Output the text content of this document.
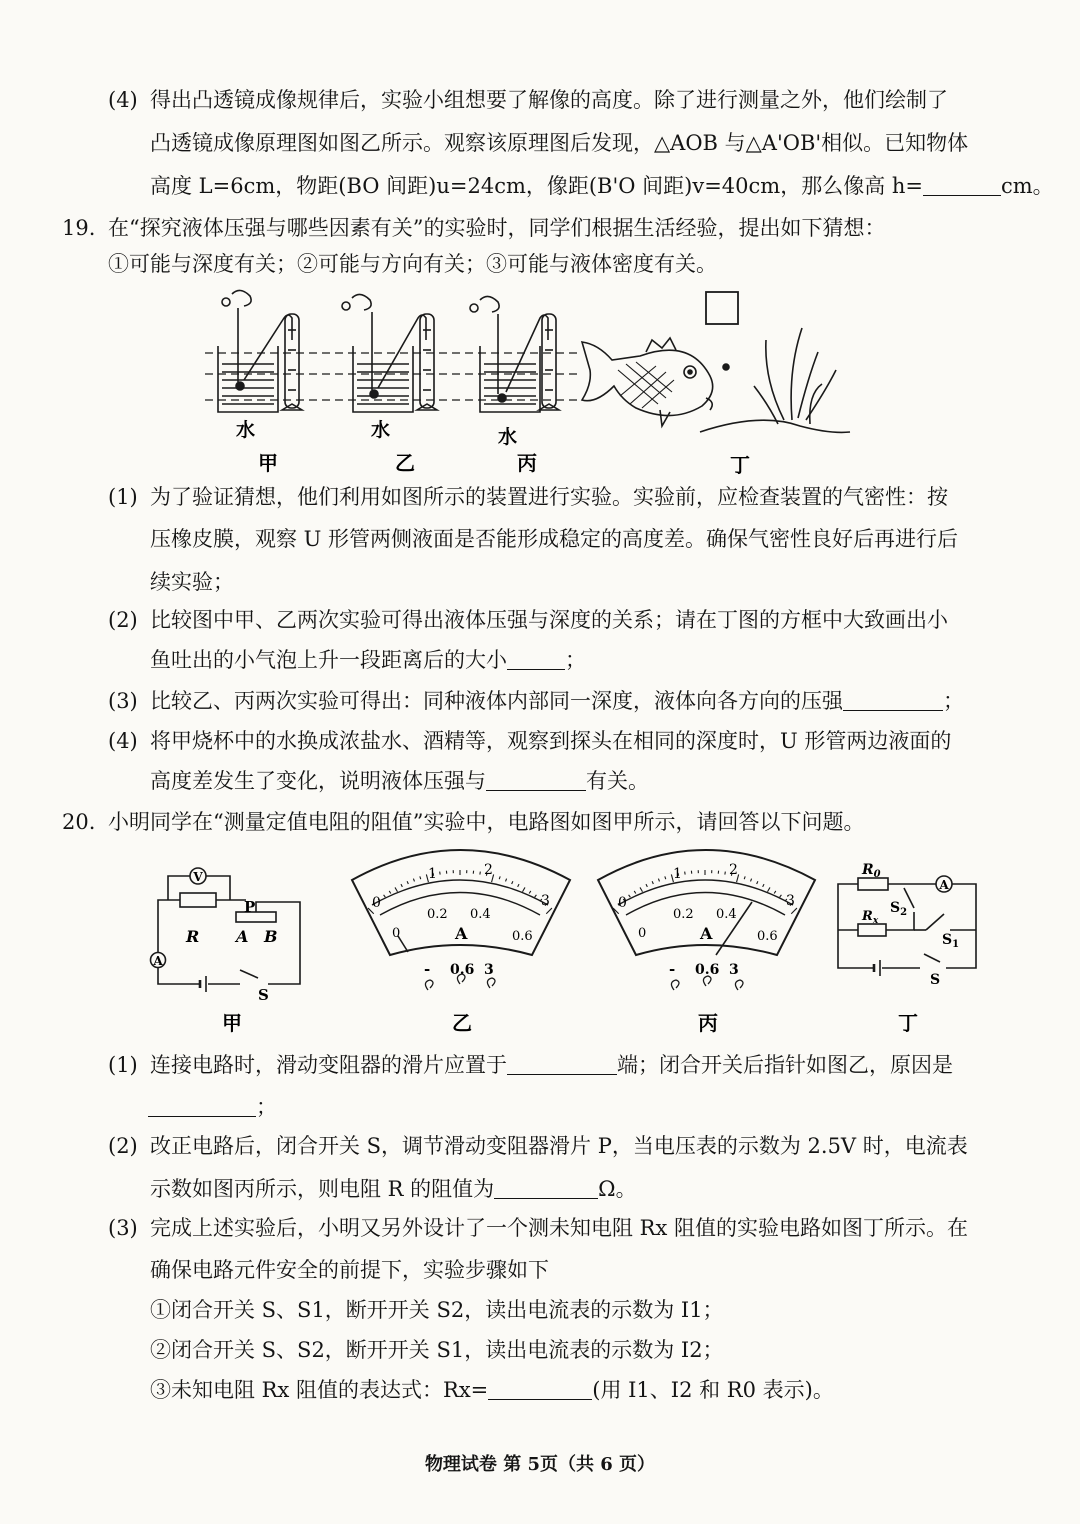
(4) 得出凸透镜成像规律后，实验小组想要了解像的高度。除了进行测量之外，他们绘制了
凸透镜成像原理图如图乙所示。观察该原理图后发现，△AOB 与△A'OB'相似。已知物体
高度 L=6cm，物距(BO 间距)u=24cm，像距(B'O 间距)v=40cm，那么像高 h=	cm。
19. 在“探究液体压强与哪些因素有关”的实验时，同学们根据生活经验，提出如下猜想：
①可能与深度有关；②可能与方向有关；③可能与液体密度有关。
水	水	水
甲	乙	丙	丁
(1) 为了验证猜想，他们利用如图所示的装置进行实验。实验前，应检查装置的气密性：按
压橡皮膜，观察 U 形管两侧液面是否能形成稳定的高度差。确保气密性良好后再进行后
续实验；
(2) 比较图中甲、乙两次实验可得出液体压强与深度的关系；请在丁图的方框中大致画出小
鱼吐出的小气泡上升一段距离后的大小	；
(3) 比较乙、丙两次实验可得出：同种液体内部同一深度，液体向各方向的压强	；
(4) 将甲烧杯中的水换成浓盐水、酒精等，观察到探头在相同的深度时，U 形管两边液面的
高度差发生了变化，说明液体压强与	有关。
20. 小明同学在“测量定值电阻的阻值”实验中，电路图如图甲所示，请回答以下问题。
V
A
R
P
A B
S
0
1	2
3
0
0.2 0.4
0.6
A
- 0.6 3
0
1	2
3
0
0.2 0.4
0.6
A
- 0.6 3
$R_0$
A
$R_x$
$S_2$
$S_1$
S
甲	乙	丙	丁
(1) 连接电路时，滑动变阻器的滑片应置于	端；闭合开关后指针如图乙，原因是
；
(2) 改正电路后，闭合开关 S，调节滑动变阻器滑片 P，当电压表的示数为 2.5V 时，电流表
示数如图丙所示，则电阻 R 的阻值为	Ω。
(3) 完成上述实验后，小明又另外设计了一个测未知电阻 Rx 阻值的实验电路如图丁所示。在
确保电路元件安全的前提下，实验步骤如下
①闭合开关 S、S1，断开开关 S2，读出电流表的示数为 I1；
②闭合开关 S、S2，断开开关 S1，读出电流表的示数为 I2；
③未知电阻 Rx 阻值的表达式：Rx=	(用 I1、I2 和 R0 表示)。
物理试卷 第 5页（共 6 页）
